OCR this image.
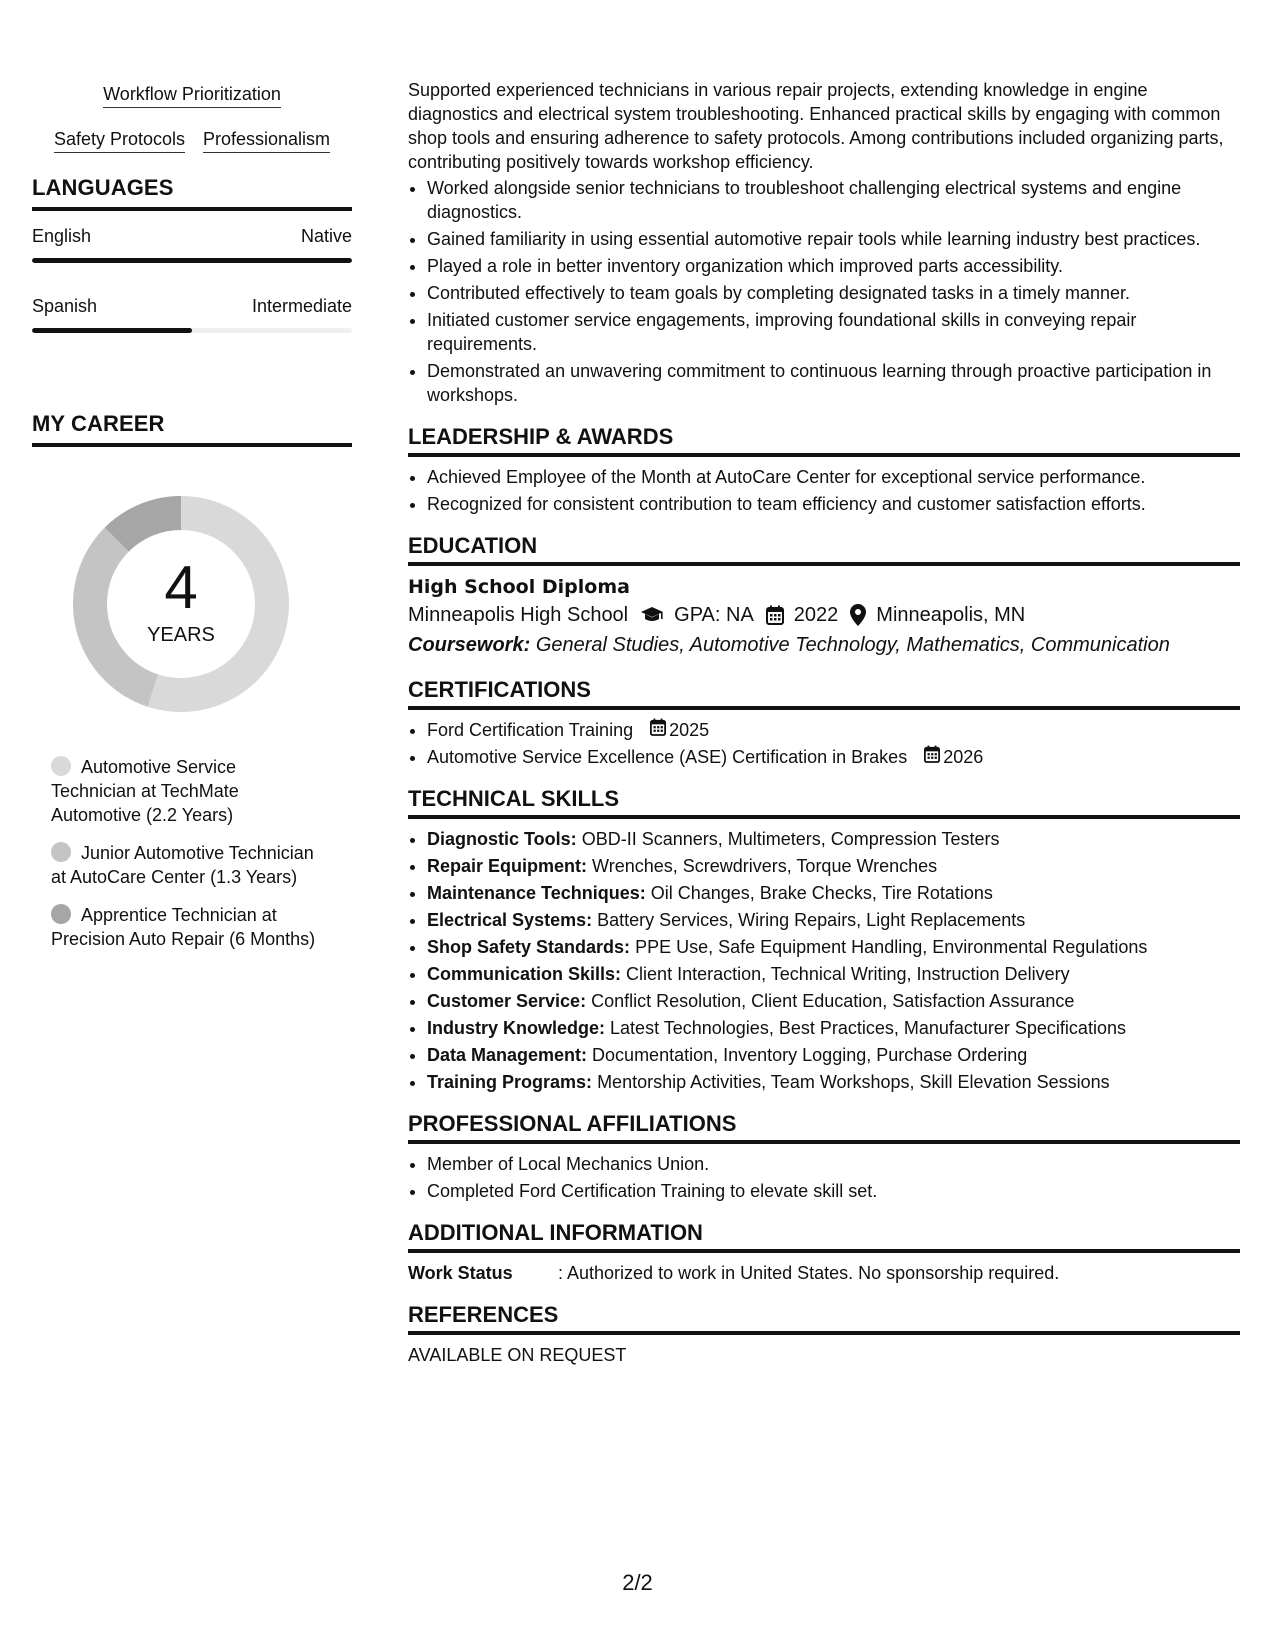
Workflow Prioritization
Safety Protocols Professionalism
LANGUAGES
English	Native
Spanish	Intermediate
MY CAREER
4
YEARS
Automotive Service Technician at TechMate Automotive (2.2 Years)
Junior Automotive Technician at AutoCare Center (1.3 Years)
Apprentice Technician at Precision Auto Repair (6 Months)

Supported experienced technicians in various repair projects, extending knowledge in engine diagnostics and electrical system troubleshooting. Enhanced practical skills by engaging with common shop tools and ensuring adherence to safety protocols. Among contributions included organizing parts, contributing positively towards workshop efficiency.

• Worked alongside senior technicians to troubleshoot challenging electrical systems and engine diagnostics.
• Gained familiarity in using essential automotive repair tools while learning industry best practices.
• Played a role in better inventory organization which improved parts accessibility.
• Contributed effectively to team goals by completing designated tasks in a timely manner.
• Initiated customer service engagements, improving foundational skills in conveying repair requirements.
• Demonstrated an unwavering commitment to continuous learning through proactive participation in workshops.
LEADERSHIP & AWARDS
• Achieved Employee of the Month at AutoCare Center for exceptional service performance.
• Recognized for consistent contribution to team efficiency and customer satisfaction efforts.
EDUCATION
High School Diploma
Minneapolis High School GPA: NA 2022 Minneapolis, MN
Coursework: General Studies, Automotive Technology, Mathematics, Communication
CERTIFICATIONS
• Ford Certification Training 2025
• Automotive Service Excellence (ASE) Certification in Brakes 2026
TECHNICAL SKILLS
• Diagnostic Tools: OBD-II Scanners, Multimeters, Compression Testers
• Repair Equipment: Wrenches, Screwdrivers, Torque Wrenches
• Maintenance Techniques: Oil Changes, Brake Checks, Tire Rotations
• Electrical Systems: Battery Services, Wiring Repairs, Light Replacements
• Shop Safety Standards: PPE Use, Safe Equipment Handling, Environmental Regulations
• Communication Skills: Client Interaction, Technical Writing, Instruction Delivery
• Customer Service: Conflict Resolution, Client Education, Satisfaction Assurance
• Industry Knowledge: Latest Technologies, Best Practices, Manufacturer Specifications
• Data Management: Documentation, Inventory Logging, Purchase Ordering
• Training Programs: Mentorship Activities, Team Workshops, Skill Elevation Sessions
PROFESSIONAL AFFILIATIONS
• Member of Local Mechanics Union.
• Completed Ford Certification Training to elevate skill set.
ADDITIONAL INFORMATION
Work Status	: Authorized to work in United States. No sponsorship required.
REFERENCES
AVAILABLE ON REQUEST
2/2
